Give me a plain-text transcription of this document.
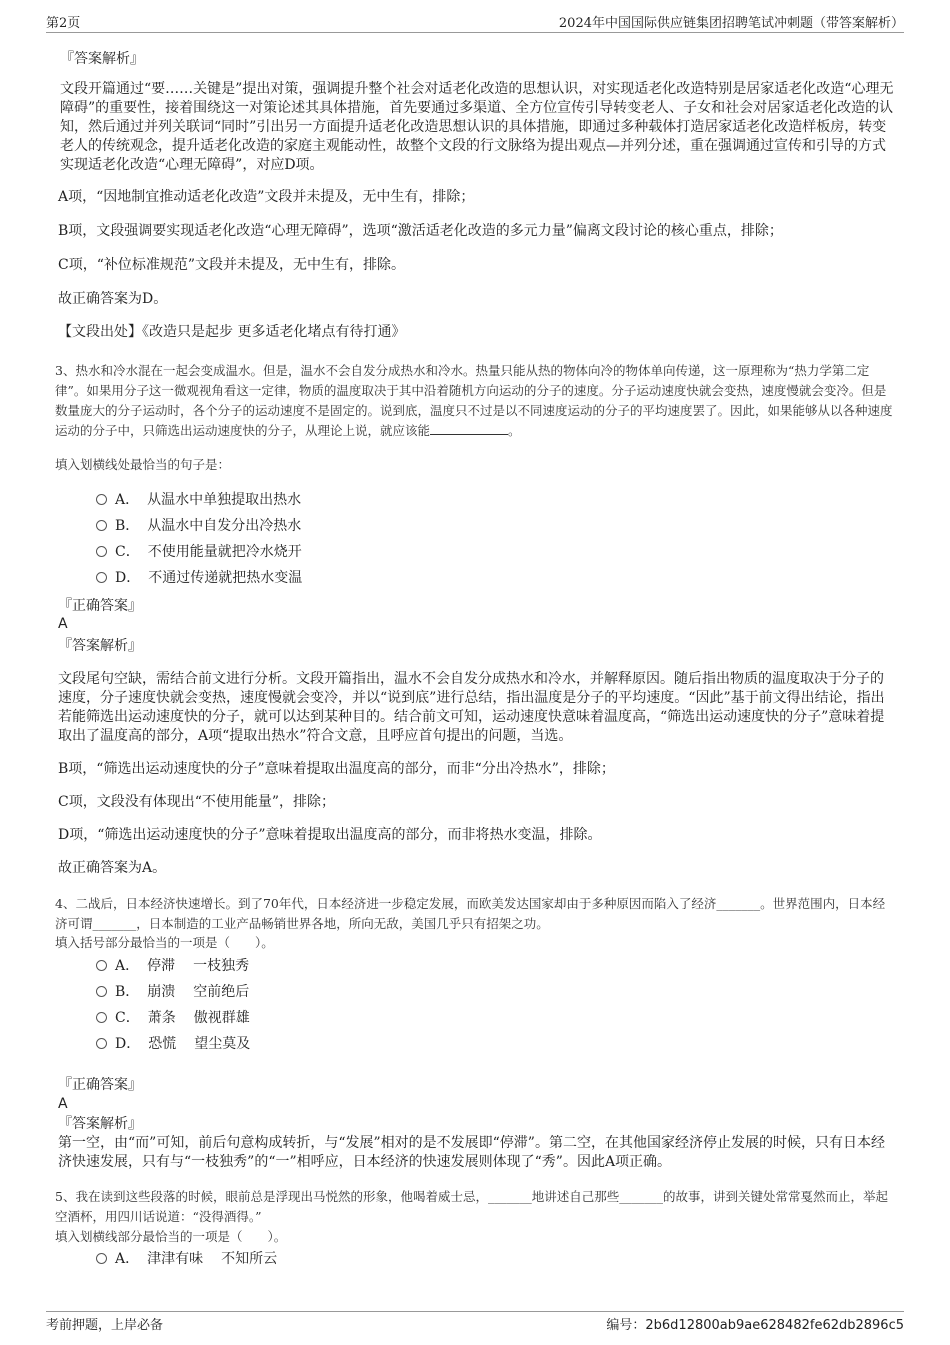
第2页	2024年中国国际供应链集团招聘笔试冲刺题（带答案解析）

『答案解析』

文段开篇通过“要……关键是”提出对策，强调提升整个社会对适老化改造的思想认识，对实现适老化改造特别是居家适老化改造“心理无障碍”的重要性，接着围绕这一对策论述其具体措施，首先要通过多渠道、全方位宣传引导转变老人、子女和社会对居家适老化改造的认知，然后通过并列关联词“同时”引出另一方面提升适老化改造思想认识的具体措施，即通过多种载体打造居家适老化改造样板房，转变老人的传统观念，提升适老化改造的家庭主观能动性，故整个文段的行文脉络为提出观点—并列分述，重在强调通过宣传和引导的方式实现适老化改造“心理无障碍”，对应D项。

A项，“因地制宜推动适老化改造”文段并未提及，无中生有，排除；

B项，文段强调要实现适老化改造“心理无障碍”，选项“激活适老化改造的多元力量”偏离文段讨论的核心重点，排除；

C项，“补位标准规范”文段并未提及，无中生有，排除。

故正确答案为D。

【文段出处】《改造只是起步 更多适老化堵点有待打通》

3、热水和冷水混在一起会变成温水。但是，温水不会自发分成热水和冷水。热量只能从热的物体向冷的物体单向传递，这一原理称为“热力学第二定律”。如果用分子这一微观视角看这一定律，物质的温度取决于其中沿着随机方向运动的分子的速度。分子运动速度快就会变热，速度慢就会变冷。但是数量庞大的分子运动时，各个分子的运动速度不是固定的。说到底，温度只不过是以不同速度运动的分子的平均速度罢了。因此，如果能够从以各种速度运动的分子中，只筛选出运动速度快的分子，从理论上说，就应该能	。

填入划横线处最恰当的句子是：

A． 从温水中单独提取出热水
B． 从温水中自发分出冷热水
C． 不使用能量就把冷水烧开
D． 不通过传递就把热水变温

『正确答案』

A

『答案解析』

文段尾句空缺，需结合前文进行分析。文段开篇指出，温水不会自发分成热水和冷水，并解释原因。随后指出物质的温度取决于分子的速度，分子速度快就会变热，速度慢就会变冷，并以“说到底”进行总结，指出温度是分子的平均速度。“因此”基于前文得出结论，指出若能筛选出运动速度快的分子，就可以达到某种目的。结合前文可知，运动速度快意味着温度高，“筛选出运动速度快的分子”意味着提取出了温度高的部分，A项“提取出热水”符合文意，且呼应首句提出的问题，当选。

B项，“筛选出运动速度快的分子”意味着提取出温度高的部分，而非“分出冷热水”，排除；

C项，文段没有体现出“不使用能量”，排除；

D项，“筛选出运动速度快的分子”意味着提取出温度高的部分，而非将热水变温，排除。

故正确答案为A。

4、二战后，日本经济快速增长。到了70年代，日本经济进一步稳定发展，而欧美发达国家却由于多种原因而陷入了经济_______。世界范围内，日本经济可谓_______，日本制造的工业产品畅销世界各地，所向无敌，美国几乎只有招架之功。

填入括号部分最恰当的一项是（　　）。

A． 停滞 一枝独秀
B． 崩溃 空前绝后
C． 萧条 傲视群雄
D． 恐慌 望尘莫及

『正确答案』

A

『答案解析』

第一空，由“而”可知，前后句意构成转折，与“发展”相对的是不发展即“停滞”。第二空，在其他国家经济停止发展的时候，只有日本经济快速发展，只有与“一枝独秀”的“一”相呼应，日本经济的快速发展则体现了“秀”。因此A项正确。

5、我在读到这些段落的时候，眼前总是浮现出马悦然的形象，他喝着威士忌，_______地讲述自己那些_______的故事，讲到关键处常常戛然而止，举起空酒杯，用四川话说道：“没得酒得。”

填入划横线部分最恰当的一项是（　　）。

A． 津津有味 不知所云
考前押题，上岸必备	编号：2b6d12800ab9ae628482fe62db2896c5
